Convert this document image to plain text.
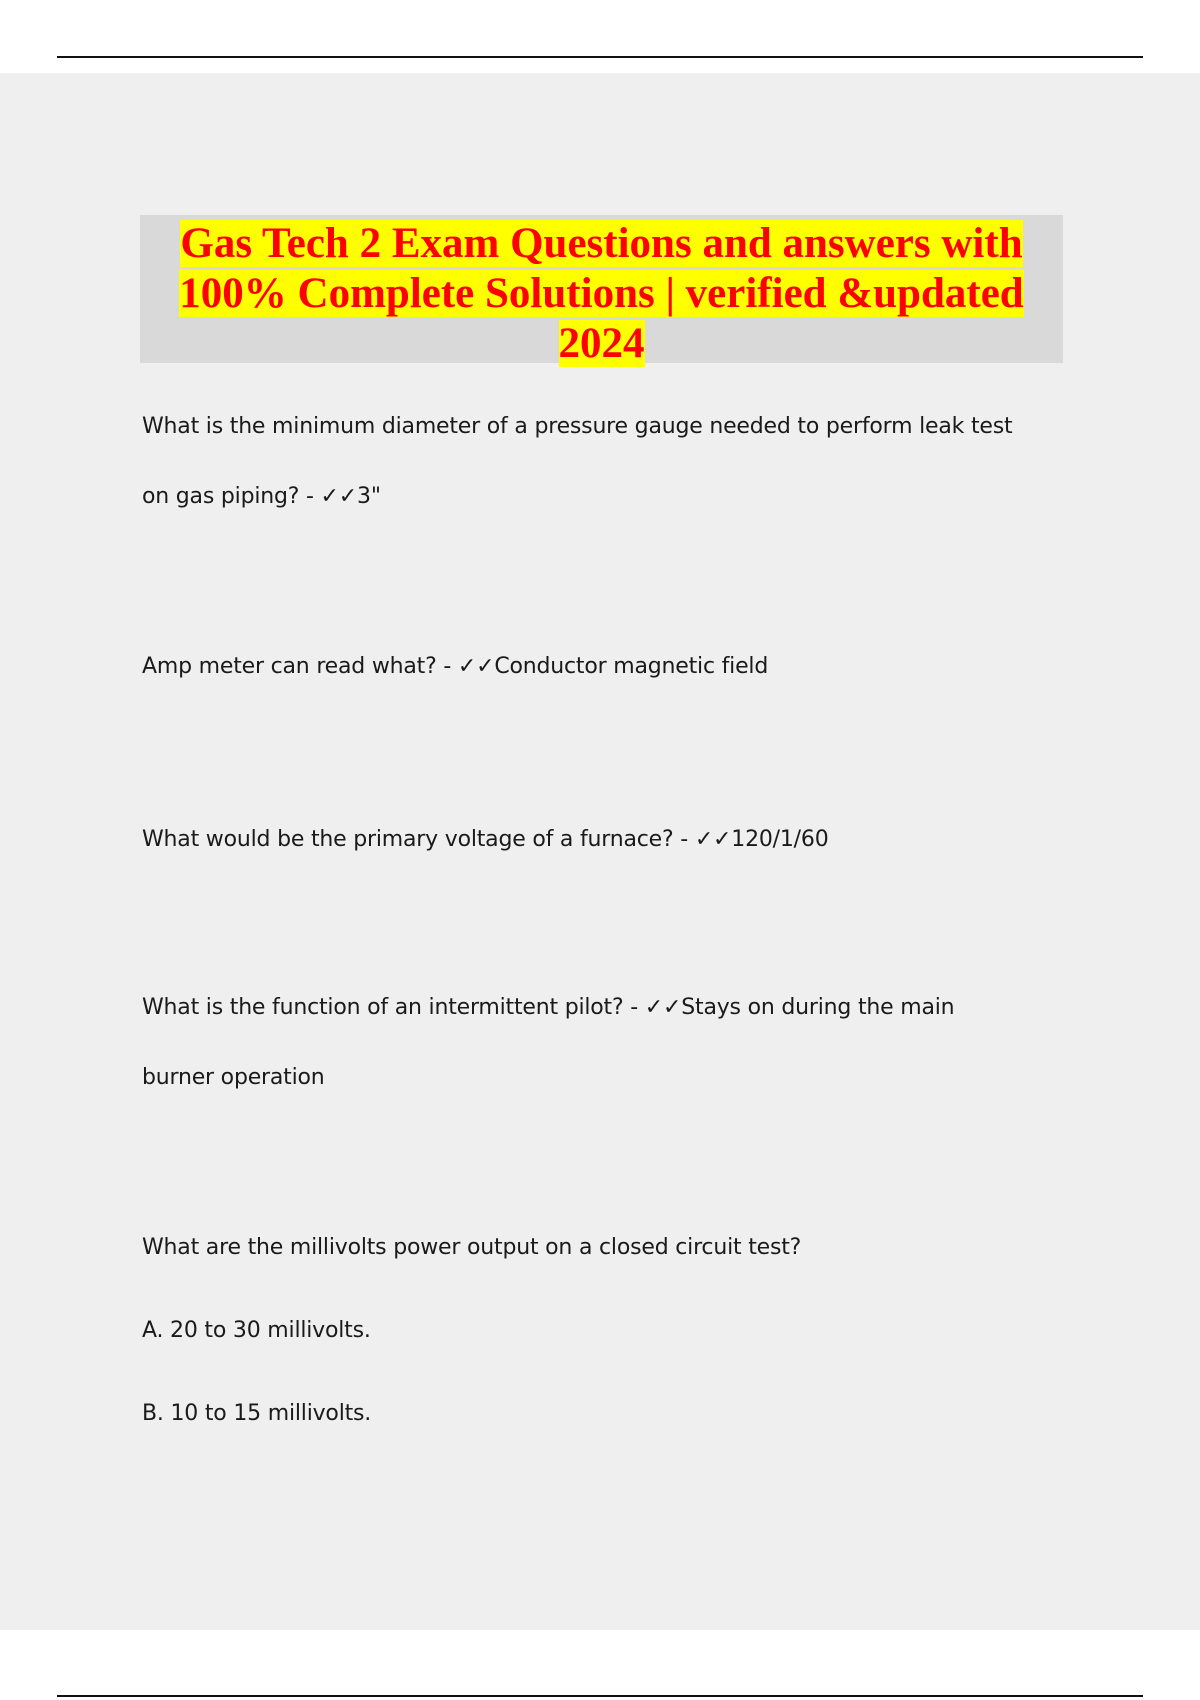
Gas Tech 2 Exam Questions and answers with
100% Complete Solutions | verified &updated
2024

What is the minimum diameter of a pressure gauge needed to perform leak test
on gas piping? - ✓✓3"

Amp meter can read what? - ✓✓Conductor magnetic field

What would be the primary voltage of a furnace? - ✓✓120/1/60

What is the function of an intermittent pilot? - ✓✓Stays on during the main
burner operation

What are the millivolts power output on a closed circuit test?

A. 20 to 30 millivolts.

B. 10 to 15 millivolts.
